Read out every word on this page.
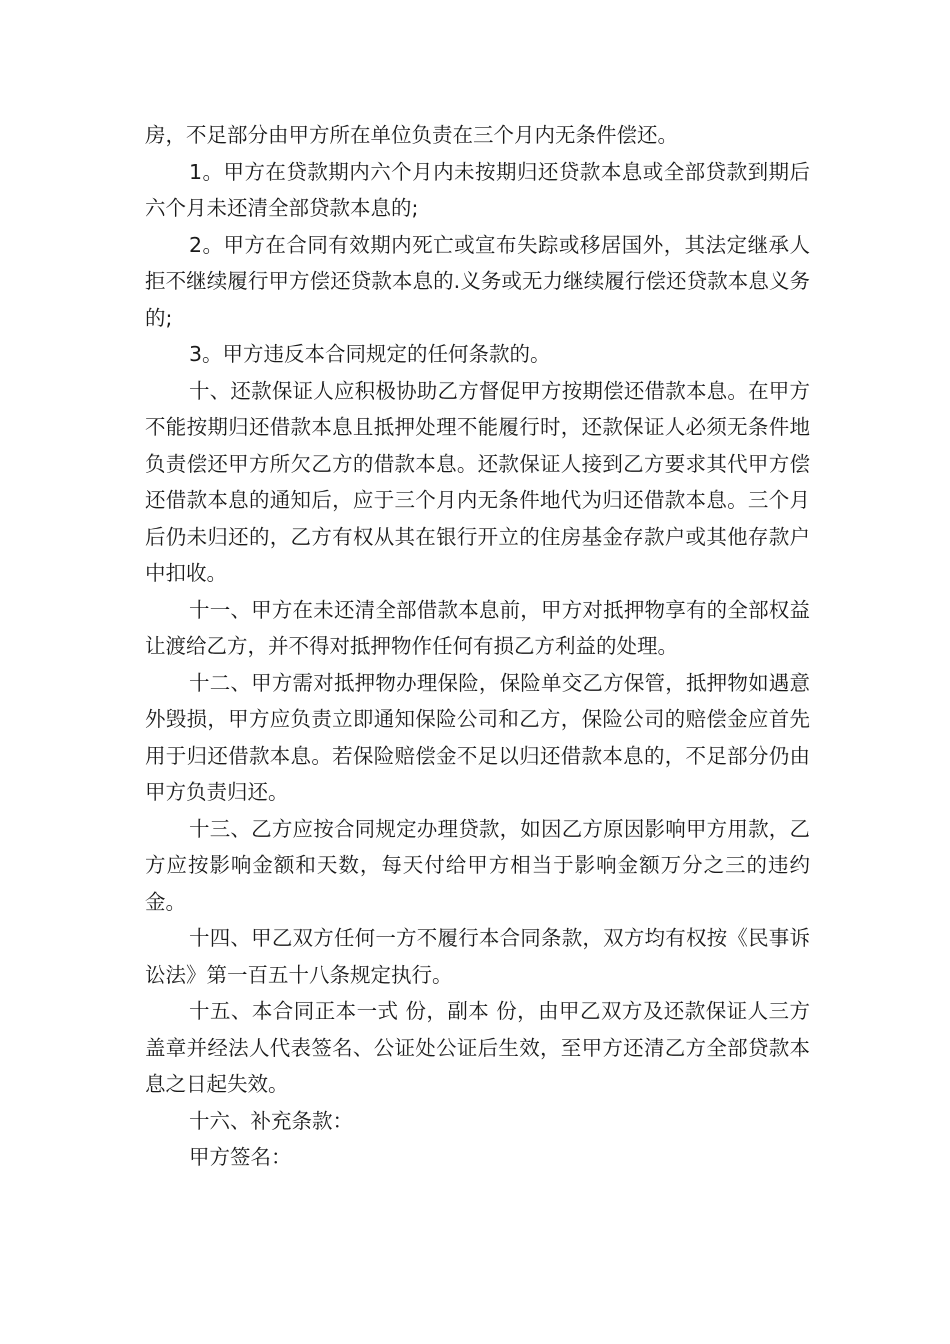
房，不足部分由甲方所在单位负责在三个月内无条件偿还。

1。甲方在贷款期内六个月内未按期归还贷款本息或全部贷款到期后六个月未还清全部贷款本息的;

2。甲方在合同有效期内死亡或宣布失踪或移居国外，其法定继承人拒不继续履行甲方偿还贷款本息的.义务或无力继续履行偿还贷款本息义务的;

3。甲方违反本合同规定的任何条款的。

十、还款保证人应积极协助乙方督促甲方按期偿还借款本息。在甲方不能按期归还借款本息且抵押处理不能履行时，还款保证人必须无条件地负责偿还甲方所欠乙方的借款本息。还款保证人接到乙方要求其代甲方偿还借款本息的通知后，应于三个月内无条件地代为归还借款本息。三个月后仍未归还的，乙方有权从其在银行开立的住房基金存款户或其他存款户中扣收。

十一、甲方在未还清全部借款本息前，甲方对抵押物享有的全部权益让渡给乙方，并不得对抵押物作任何有损乙方利益的处理。

十二、甲方需对抵押物办理保险，保险单交乙方保管，抵押物如遇意外毁损，甲方应负责立即通知保险公司和乙方，保险公司的赔偿金应首先用于归还借款本息。若保险赔偿金不足以归还借款本息的，不足部分仍由甲方负责归还。

十三、乙方应按合同规定办理贷款，如因乙方原因影响甲方用款，乙方应按影响金额和天数，每天付给甲方相当于影响金额万分之三的违约金。

十四、甲乙双方任何一方不履行本合同条款，双方均有权按《民事诉讼法》第一百五十八条规定执行。

十五、本合同正本一式 份，副本 份，由甲乙双方及还款保证人三方盖章并经法人代表签名、公证处公证后生效，至甲方还清乙方全部贷款本息之日起失效。

十六、补充条款：

甲方签名：
